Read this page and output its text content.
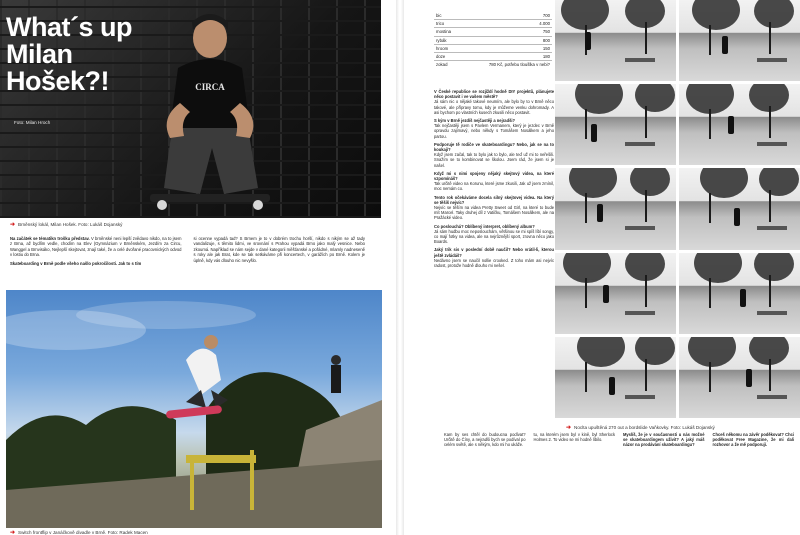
CIRCA
What´s up
Milan
Hošek?!
Foto: Milan Hroch
➜ Brněnský lokál, Milan Hošek. Foto: Lukáš Dojanský

Na začátek se tématikn trošku představ. V brněnské neni lepší zvědavo nikdo, na to jsem z Brna, až bydlím vedle, chodím na Elev (Gymnázium v Brněnském, Jezdím za Circu, Wanggel a Brnvisáko, Nejlepší skejtovat, znají také, že a celé dvořané pracovnických odvod v lostiu do Brna.

Skateboarding v Brně podle všeho našlo pokročilosti. Jak to s tím

si ocenne vypadá tad? S Brnem je to v dobrém trochu horší, nikdo s nikým se až tady vandalizuje, s těmito lidmi, ve srovnání s Prahou vypadá Brno jako malý vesnice. Nebo zkoumá. Například se nám sejde v dané kategorii měšťanské a pořádné, mlamly nadneseně s roky ale jak Brat, kde se tak setkáváme při koncertech, v garážích po Brně. Kolem je úplně, kdy vás dlouho nic nevyšlo.

➜ Switch frontflip v Janáčkově divadle v Brně. Foto: Radek Macen
bic	700
trico	4.000
mostina	750
rybák	800
hroom	150
doze	180
zokad	780 Kč, potřebu tloušlka v nebi?
V České republice se rozjíždí hodně DIY projektů, plánujete něco postavit i ve vašem městě?

Já sám nic o nějaké takové neumím, ale bylo by to v Brně něco takové, ale přípravy tomu, kdy je můžeme venku dohromady. A asi bychom po vlastních kusech zkusili něco postavit.

S kým v Brně jezdíš nejčastěji a nejradši?

Tak nejčastěji jsem s Pavlem Vermanem, který je jezdec v Brně opravdu zajímavý, nebo někdy s Tomášem Nosálkem a jeho partou.

Podporuje tě rodiče ve skateboardingu? Nebo, jak se na to koukají?

Když jsem začal, tak to bylo jak to bylo, ale teď už mi to neřešili. Snažím se to kombinovat se školou. Jsem rád, že jsem si je našel.

Když mi s nimi spojeny nějaký skejtový videa, na které vzpomínáš?

Tak určitě video na Korunu, které jsme zkusili, Jak už jsem zmínil, moc nemám co.

Tento rok očekáváme docela silný skejtovej videa. Na který se těšíš nejvíc?

Nejvíc se těším na videa Pretty Sweet od Girl, na které to bude mít Marcel. Taky druhej díl z Vatičku, Tomášem Nosálkem, ale na Pražácké video.

Co poslouchá? Oblíbený interpret, oblíbený album?

Já sám hudbu moc neposlouchám, většinou se mi spíš líbí songy, co mají fotky na videa, ale na nejrůznější sport, zrovna něco jako Boards.

Jaký trik sis v poslední době naučil? Nebo vrátil-li, kterou ještě zvládáš?

Nedávno jsem se naučil nollie crooked. Z toho mám asi nejvíc radost, protože hodně dlouho mi nešel.

➜ Noclta upuštěná 270 out a bordslide Vaňkovky. Foto: Lukáš Dojanský
Kam by ses chtěl do budoucna podívat? Určitě do Číny, a nejradši bych se podíval po celém světě, ale s někým, kdo mi ho ukáže.
tu, na kterém jsem byl v kině, byl Sherlock Holmes 2. To video se mi hodně líbilo.
Myslíš, že je v současnosti u nás možné se skateboardingem uživit? A jaký máš názor na prodávání skateboardingu?
Chceš někomu na závěr poděkovat? Chci poděkovat Free Magazine, že mi dali rozhovor a že mě podporují.
